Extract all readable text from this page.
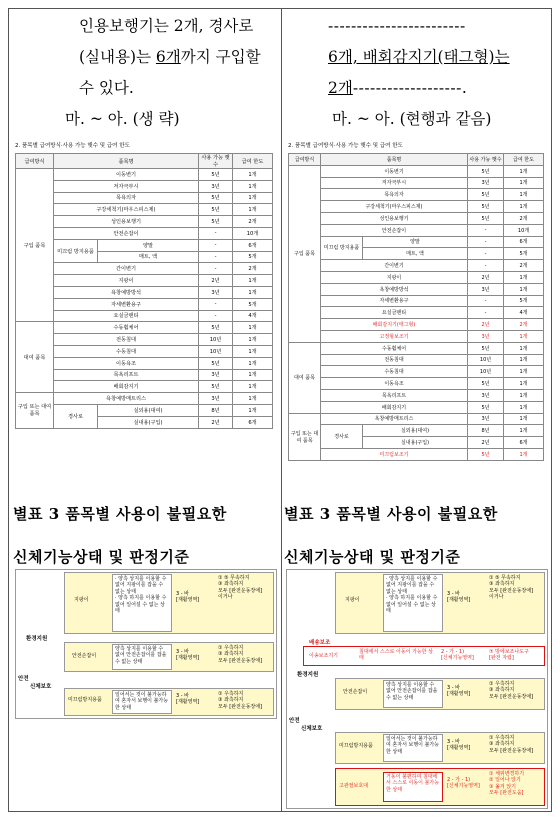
인용보행기는 2개, 경사로
(실내용)는 6개까지 구입할
수 있다.
마. ~ 아. (생 략)
2. 품목별 급여방식·사용 가능 햇수 및 급여 한도
급여방식	품목명		사용 가능 햇수	급여 한도
구입 품목	이동변기		5년	1개
	저자극부시		3년	1개
	목욕의자		5년	1개
	구강세척기(마우스피스제)		5년	1개
	성인용보행기		5년	2개
	안전손잡이		-	10개
	미끄럼 방지용품	양말	-	6개
		매트, 액	-	5개
	간이변기		-	2개
	지팡이		2년	1개
	욕창예방방석		3년	1개
	자세변환용구		-	5개
	요실금팬티		-	4개
대여 품목	수동휠체어		5년	1개
	전동침대		10년	1개
	수동침대		10년	1개
	이동욕조		5년	1개
	목욕리프트		3년	1개
	배회감지기		5년	1개
구입 또는 대여 품목	욕창예방매트리스		3년	1개
	경사로	실외용(대여)	8년	1개
		실내용(구입)	2년	6개
별표 3 품목별 사용이 불필요한
신체기능상태 및 판정기준
지팡이
· 양측 상지를 이용할 수 없어 지팡이를 잡을 수 없는 상태
· 양측 하지를 이용할 수 없어 일어설 수 없는 상태
3 - 바
[재활영역]
① ⑤ 무속하지
③ 좌측하지
모두 [완전운동장애]
이거나
환경지원
안전손잡이
양측 상지를 이용할 수 없어 안전손잡이를 잡을 수 없는 상태
3 - 바
[재활영역]
① 우측하지
③ 좌측하지
모두 [완전운동장애]
안전
신체보호
미끄럼방지용품
일어서는 것이 불가능하여 혼자서 보행이 불가능한 상태
3 - 바
[재활영역]
① 우측하지
③ 좌측하지
모두 [완전운동장애]
------------------------
6개, 배회감지기(태그형)는
2개-------------------.
마. ~ 아. (현행과 같음)
2. 품목별 급여방식·사용 가능 햇수 및 급여 한도
급여방식	품목명		사용 가능 햇수	급여 한도
구입 품목	이동변기		5년	1개
	저자극부시		3년	1개
	목욕의자		5년	1개
	구강세척기(마우스피스제)		5년	1개
	성인용보행기		5년	2개
	안전손잡이		-	10개
	미끄럼 방지용품	양말	-	6개
		매트, 액	-	5개
	간이변기		-	2개
	지팡이		2년	1개
	욕창예방방석		3년	1개
	자세변환용구		-	5개
	요실금팬티		-	4개
	배회감지기(태그형)		2년	2개
	고정형보조기		3년	1개
대여 품목	수동휠체어		5년	1개
	전동침대		10년	1개
	수동침대		10년	1개
	이동욕조		5년	1개
	목욕리프트		3년	1개
	배회감지기		5년	1개
구입 또는 대여 품목	욕창예방매트리스		3년	1개
	경사로	실외용(대여)	8년	1개
		실내용(구입)	2년	6개
	미끄럼보조기		5년	1개
별표 3 품목별 사용이 불필요한
신체기능상태 및 판정기준
지팡이
· 양측 상지를 이용할 수 없어 지팡이를 잡을 수 없는 상태
· 양측 하지를 이용할 수 없어 일어설 수 없는 상태
3 - 바
[재활영역]
① ⑤ 무속하지
③ 좌측하지
모두 [완전운동장애]
이거나
배송보조
이송보조기기
침대에서 스스로 이동이 가능한 상태
2 - 가 - 1)
[신체기능영역]
⑦ 방에보조나도구
[완전 자립]
환경지원
안전손잡이
양측 상지를 이용할 수 없어 안전손잡이를 잡을 수 없는 상태
3 - 바
[재활영역]
① 우측하지
③ 좌측하지
모두 [완전운동장애]
안전
신체보호
미끄럼방지용품
일어서는 것이 불가능하여 혼자서 보행이 불가능한 상태
3 - 바
[재활영역]
① 우측하지
③ 좌측하지
모두 [완전운동장애]
고관절보호대
거동이 불편하여 침대에서 스스로 이동이 불가능한 상태
2 - 가 - 1)
[신체기능영역]
① 체위변경하기
② 일어나 앉기
③ 옮겨 앉기
모두 [완전도움]
